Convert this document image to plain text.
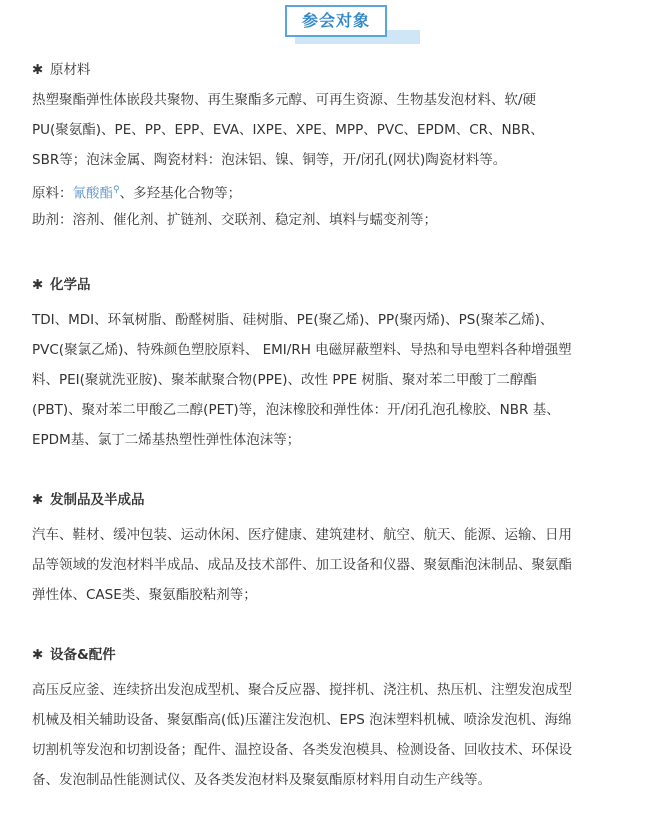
参会对象
✱ 原材料
热塑聚酯弹性体嵌段共聚物、再生聚酯多元醇、可再生资源、生物基发泡材料、软/硬
PU(聚氨酯)、PE、PP、EPP、EVA、IXPE、XPE、MPP、PVC、EPDM、CR、NBR、
SBR等；泡沫金属、陶瓷材料：泡沫铝、镍、铜等，开/闭孔(网状)陶瓷材料等。
原料：氰酸酯⚲、多羟基化合物等；
助剂：溶剂、催化剂、扩链剂、交联剂、稳定剂、填料与蠕变剂等；
✱ 化学品
TDI、MDI、环氧树脂、酚醛树脂、硅树脂、PE(聚乙烯)、PP(聚丙烯)、PS(聚苯乙烯)、
PVC(聚氯乙烯)、特殊颜色塑胶原料、 EMI/RH 电磁屏蔽塑料、导热和导电塑料各种增强塑
料、PEI(聚就洗亚胺)、聚苯献聚合物(PPE)、改性 PPE 树脂、聚对苯二甲酸丁二醇酯
(PBT)、聚对苯二甲酸乙二醇(PET)等，泡沫橡胶和弹性体：开/闭孔泡孔橡胶、NBR 基、
EPDM基、氯丁二烯基热塑性弹性体泡沫等；
✱ 发制品及半成品
汽车、鞋材、缓冲包装、运动休闲、医疗健康、建筑建材、航空、航天、能源、运输、日用
品等领域的发泡材料半成品、成品及技术部件、加工设备和仪器、聚氨酯泡沫制品、聚氨酯
弹性体、CASE类、聚氨酯胶粘剂等；
✱ 设备&配件
高压反应釜、连续挤出发泡成型机、聚合反应器、搅拌机、浇注机、热压机、注塑发泡成型
机械及相关辅助设备、聚氨酯高(低)压灌注发泡机、EPS 泡沫塑料机械、喷涂发泡机、海绵
切割机等发泡和切割设备；配件、温控设备、各类发泡模具、检测设备、回收技术、环保设
备、发泡制品性能测试仪、及各类发泡材料及聚氨酯原材料用自动生产线等。
